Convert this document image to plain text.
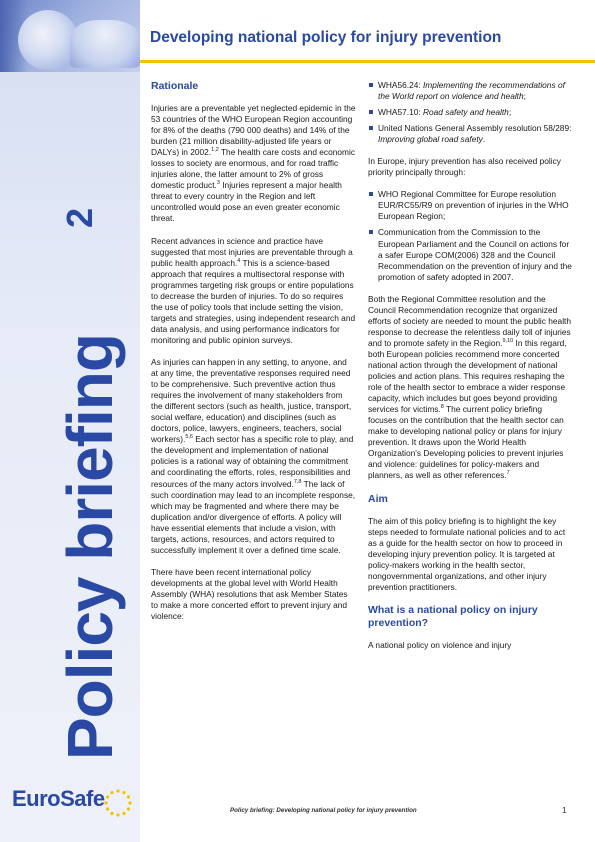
Policy briefing
2
Developing national policy for injury prevention
Rationale

Injuries are a preventable yet neglected epidemic in the 53 countries of the WHO European Region accounting for 8% of the deaths (790 000 deaths) and 14% of the burden (21 million disability-adjusted life years or DALYs) in 2002.$^{1,2}$ The health care costs and economic losses to society are enormous, and for road traffic injuries alone, the latter amount to 2% of gross domestic product.$^3$ Injuries represent a major health threat to every country in the Region and left uncontrolled would pose an even greater economic threat.

Recent advances in science and practice have suggested that most injuries are preventable through a public health approach.$^4$ This is a science-based approach that requires a multisectoral response with programmes targeting risk groups or entire populations to decrease the burden of injuries. To do so requires the use of policy tools that include setting the vision, targets and strategies, using independent research and data analysis, and using performance indicators for monitoring and public opinion surveys.

As injuries can happen in any setting, to anyone, and at any time, the preventative responses required need to be comprehensive. Such preventive action thus requires the involvement of many stakeholders from the different sectors (such as health, justice, transport, social welfare, education) and disciplines (such as doctors, police, lawyers, engineers, teachers, social workers).$^{5,6}$ Each sector has a specific role to play, and the development and implementation of national policies is a rational way of obtaining the commitment and coordinating the efforts, roles, responsibilities and resources of the many actors involved.$^{7,8}$ The lack of such coordination may lead to an incomplete response, which may be fragmented and where there may be duplication and/or divergence of efforts. A policy will have essential elements that include a vision, with targets, actions, resources, and actors required to successfully implement it over a defined time scale.

There have been recent international policy developments at the global level with World Health Assembly (WHA) resolutions that ask Member States to make a more concerted effort to prevent injury and violence:

WHA56.24: Implementing the recommendations of the World report on violence and health;
WHA57.10: Road safety and health;
United Nations General Assembly resolution 58/289: Improving global road safety.

In Europe, injury prevention has also received policy priority principally through:

WHO Regional Committee for Europe resolution EUR/RC55/R9 on prevention of injuries in the WHO European Region;
Communication from the Commission to the European Parliament and the Council on actions for a safer Europe COM(2006) 328 and the Council Recommendation on the prevention of injury and the promotion of safety adopted in 2007.

Both the Regional Committee resolution and the Council Recommendation recognize that organized efforts of society are needed to mount the public health response to decrease the relentless daily toll of injuries and to promote safety in the Region.$^{9,10}$ In this regard, both European policies recommend more concerted national action through the development of national policies and action plans. This requires reshaping the role of the health sector to embrace a wider response capacity, which includes but goes beyond providing services for victims.$^8$ The current policy briefing focuses on the contribution that the health sector can make to developing national policy or plans for injury prevention. It draws upon the World Health Organization's Developing policies to prevent injuries and violence: guidelines for policy-makers and planners, as well as other references.$^7$

Aim

The aim of this policy briefing is to highlight the key steps needed to formulate national policies and to act as a guide for the health sector on how to proceed in developing injury prevention policy. It is targeted at policy-makers working in the health sector, nongovernmental organizations, and other injury prevention practitioners.

What is a national policy on injury prevention?

A national policy on violence and injury

EuroSafe	Policy briefing: Developing national policy for injury prevention	1
